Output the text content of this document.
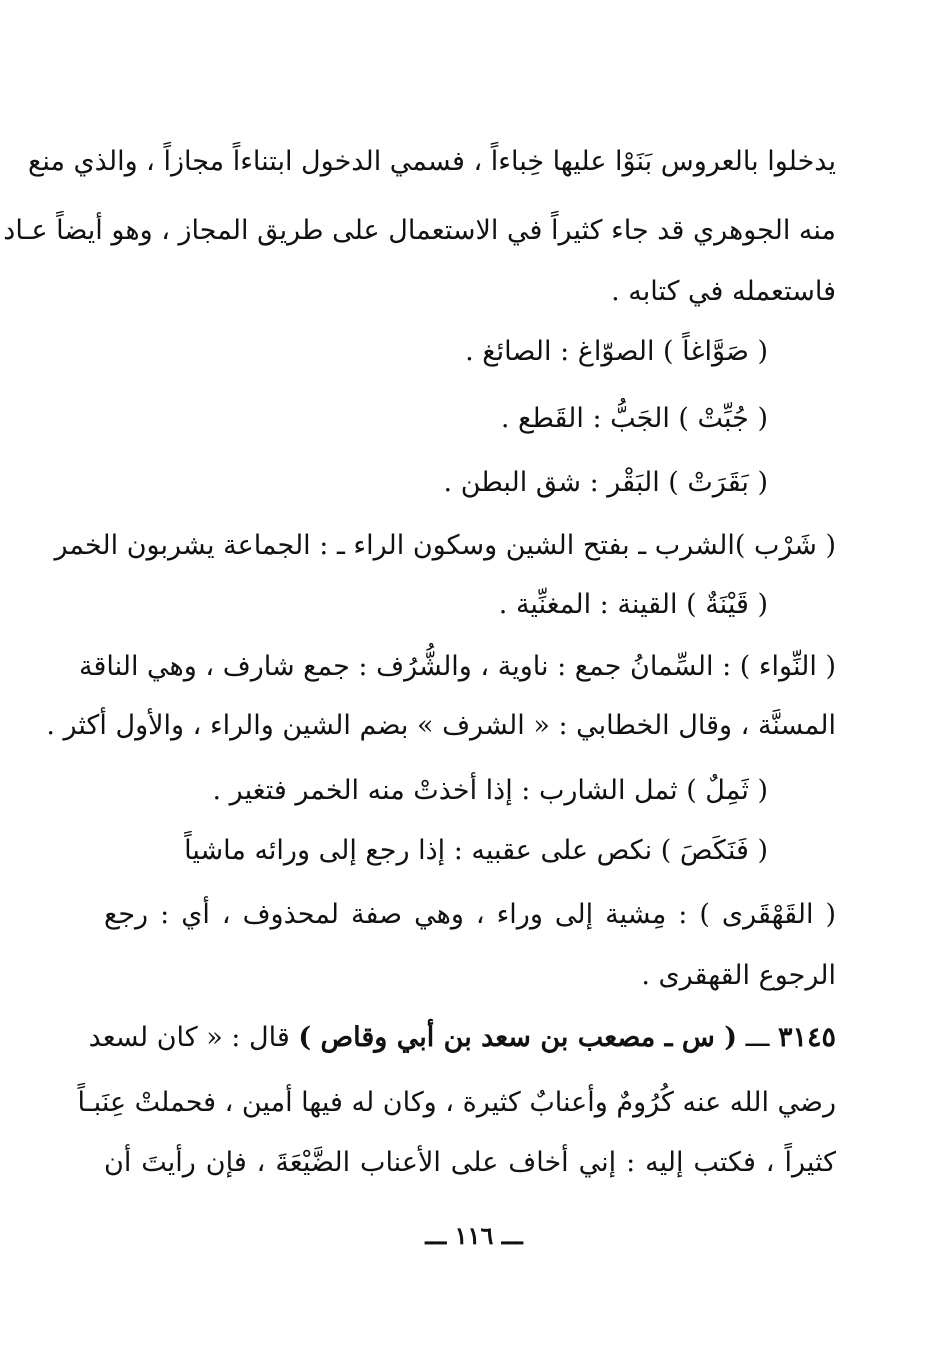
يدخلوا بالعروس بَنَوْا عليها خِباءاً ، فسمي الدخول ابتناءاً مجازاً ، والذي منع
منه الجوهري قد جاء كثيراً في الاستعمال على طريق المجاز ، وهو أيضاً عـاد
فاستعمله في كتابه .
( صَوَّاغاً ) الصوّاغ : الصائغ .
( جُبِّتْ ) الجَبُّ : القَطع .
( بَقَرَتْ ) البَقْر : شق البطن .
( شَرْب )الشرب ـ بفتح الشين وسكون الراء ـ : الجماعة يشربون الخمر
( قَيْنَةٌ ) القينة : المغنِّية .
( النِّواء ) : السِّمانُ جمع : ناوية ، والشُّرُف : جمع شارف ، وهي الناقة
المسنَّة ، وقال الخطابي : « الشرف » بضم الشين والراء ، والأول أكثر .
( ثَمِلٌ ) ثمل الشارب : إذا أخذتْ منه الخمر فتغير .
( فَنَكَصَ ) نكص على عقبيه : إذا رجع إلى ورائه ماشياً
( القَهْقَرى ) : مِشية إلى وراء ، وهي صفة لمحذوف ، أي : رجع
الرجوع القهقرى .
٣١٤٥ ـــ ( س ـ مصعب بن سعد بن أبي وقاص ) قال : « كان لسعد
رضي الله عنه كُرُومٌ وأعنابٌ كثيرة ، وكان له فيها أمين ، فحملتْ عِنَبـاً
كثيراً ، فكتب إليه : إني أخاف على الأعناب الضَّيْعَةَ ، فإن رأيتَ أن
ـــ ١١٦ ـــ
